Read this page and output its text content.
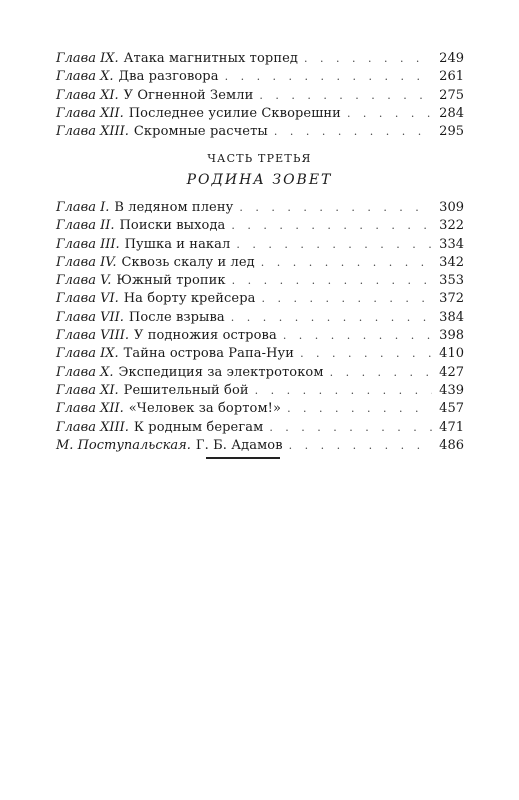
Глава IX. Атака магнитных торпед . . .	249
Глава X. Два разговора . . .	261
Глава XI. У Огненной Земли . . .	275
Глава XII. Последнее усилие Скворешни . . .	284
Глава XIII. Скромные расчеты . . .	295
ЧАСТЬ ТРЕТЬЯ
РОДИНА ЗОВЕТ
Глава I. В ледяном плену . . .	309
Глава II. Поиски выхода . . .	322
Глава III. Пушка и накал . . .	334
Глава IV. Сквозь скалу и лед . . .	342
Глава V. Южный тропик . . .	353
Глава VI. На борту крейсера . . .	372
Глава VII. После взрыва . . .	384
Глава VIII. У подножия острова . . .	398
Глава IX. Тайна острова Рапа-Нуи . . .	410
Глава X. Экспедиция за электротоком . . .	427
Глава XI. Решительный бой . . .	439
Глава XII. «Человек за бортом!» . . .	457
Глава XIII. К родным берегам . . .	471
М. Поступальская. Г. Б. Адамов . . .	486
